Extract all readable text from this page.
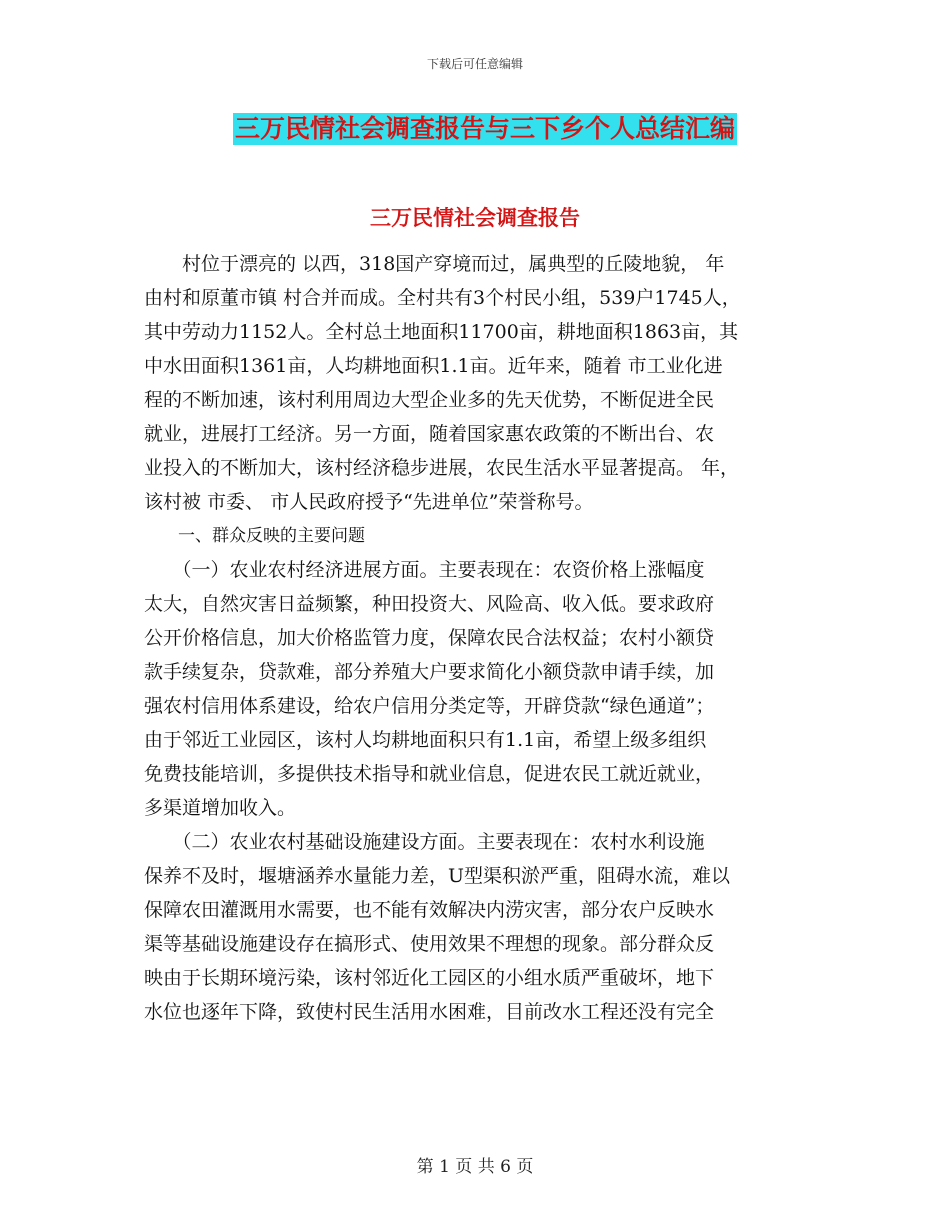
下载后可任意编辑
三万民情社会调查报告与三下乡个人总结汇编
三万民情社会调查报告
　　村位于漂亮的 以西，318国产穿境而过，属典型的丘陵地貌， 年
由村和原董市镇 村合并而成。全村共有3个村民小组，539户1745人，
其中劳动力1152人。全村总土地面积11700亩，耕地面积1863亩，其
中水田面积1361亩，人均耕地面积1.1亩。近年来，随着 市工业化进
程的不断加速，该村利用周边大型企业多的先天优势，不断促进全民
就业，进展打工经济。另一方面，随着国家惠农政策的不断出台、农
业投入的不断加大，该村经济稳步进展，农民生活水平显著提高。 年，
该村被 市委、 市人民政府授予“先进单位”荣誉称号。
　　一、群众反映的主要问题
　　（一）农业农村经济进展方面。主要表现在：农资价格上涨幅度
太大，自然灾害日益频繁，种田投资大、风险高、收入低。要求政府
公开价格信息，加大价格监管力度，保障农民合法权益；农村小额贷
款手续复杂，贷款难，部分养殖大户要求简化小额贷款申请手续，加
强农村信用体系建设，给农户信用分类定等，开辟贷款“绿色通道”；
由于邻近工业园区，该村人均耕地面积只有1.1亩，希望上级多组织
免费技能培训，多提供技术指导和就业信息，促进农民工就近就业，
多渠道增加收入。
　　（二）农业农村基础设施建设方面。主要表现在：农村水利设施
保养不及时，堰塘涵养水量能力差，U型渠积淤严重，阻碍水流，难以
保障农田灌溉用水需要，也不能有效解决内涝灾害，部分农户反映水
渠等基础设施建设存在搞形式、使用效果不理想的现象。部分群众反
映由于长期环境污染，该村邻近化工园区的小组水质严重破坏，地下
水位也逐年下降，致使村民生活用水困难，目前改水工程还没有完全
第 1 页 共 6 页
